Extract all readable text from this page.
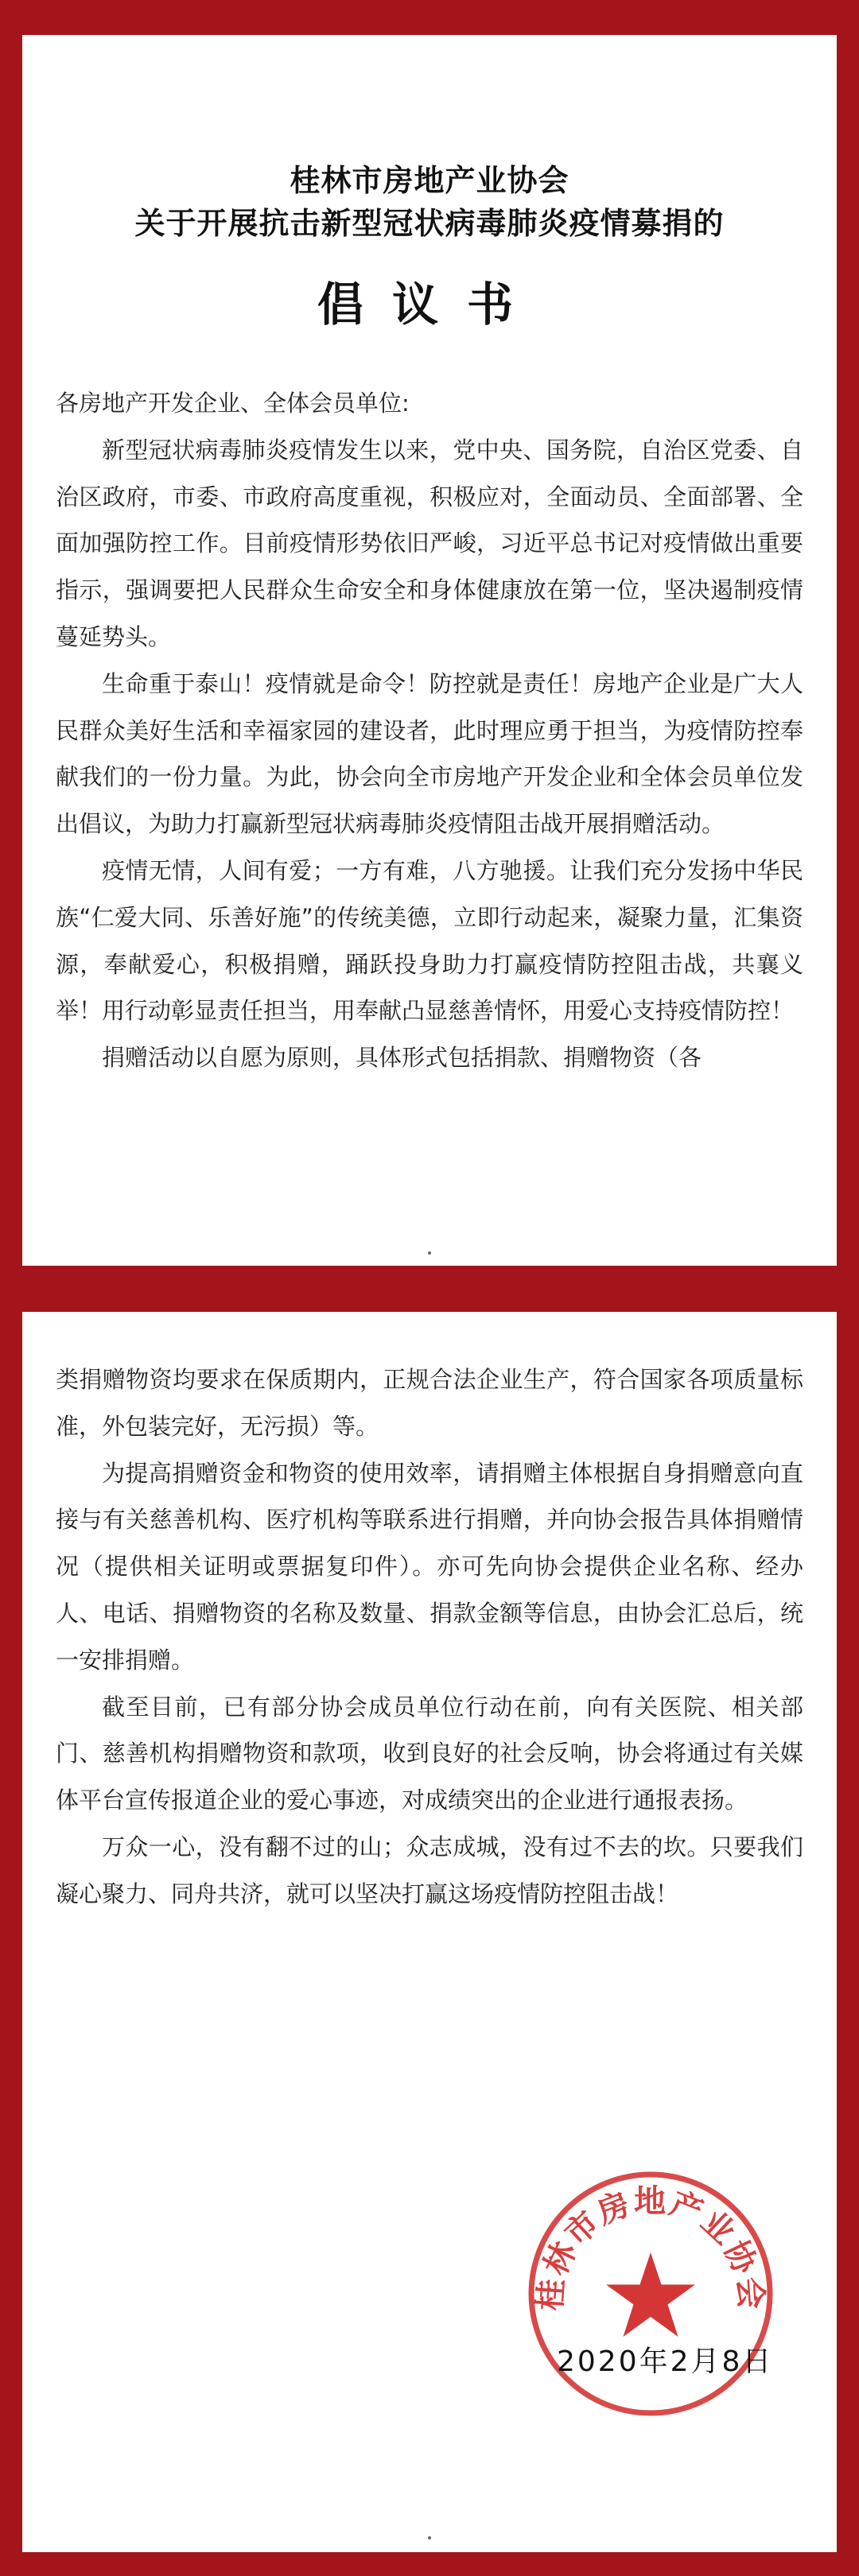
桂林市房地产业协会
关于开展抗击新型冠状病毒肺炎疫情募捐的
倡议书

各房地产开发企业、全体会员单位:

新型冠状病毒肺炎疫情发生以来，党中央、国务院，自治区党委、自治区政府，市委、市政府高度重视，积极应对，全面动员、全面部署、全面加强防控工作。目前疫情形势依旧严峻，习近平总书记对疫情做出重要指示，强调要把人民群众生命安全和身体健康放在第一位，坚决遏制疫情蔓延势头。

生命重于泰山！疫情就是命令！防控就是责任！房地产企业是广大人民群众美好生活和幸福家园的建设者，此时理应勇于担当，为疫情防控奉献我们的一份力量。为此，协会向全市房地产开发企业和全体会员单位发出倡议，为助力打赢新型冠状病毒肺炎疫情阻击战开展捐赠活动。

疫情无情，人间有爱；一方有难，八方驰援。让我们充分发扬中华民族“仁爱大同、乐善好施”的传统美德，立即行动起来，凝聚力量，汇集资源，奉献爱心，积极捐赠，踊跃投身助力打赢疫情防控阻击战，共襄义举！用行动彰显责任担当，用奉献凸显慈善情怀，用爱心支持疫情防控！

捐赠活动以自愿为原则，具体形式包括捐款、捐赠物资（各

类捐赠物资均要求在保质期内，正规合法企业生产，符合国家各项质量标准，外包装完好，无污损）等。

为提高捐赠资金和物资的使用效率，请捐赠主体根据自身捐赠意向直接与有关慈善机构、医疗机构等联系进行捐赠，并向协会报告具体捐赠情况（提供相关证明或票据复印件）。亦可先向协会提供企业名称、经办人、电话、捐赠物资的名称及数量、捐款金额等信息，由协会汇总后，统一安排捐赠。

截至目前，已有部分协会成员单位行动在前，向有关医院、相关部门、慈善机构捐赠物资和款项，收到良好的社会反响，协会将通过有关媒体平台宣传报道企业的爱心事迹，对成绩突出的企业进行通报表扬。

万众一心，没有翻不过的山；众志成城，没有过不去的坎。只要我们凝心聚力、同舟共济，就可以坚决打赢这场疫情防控阻击战！

桂林市房地产业协会
2020年2月8日
